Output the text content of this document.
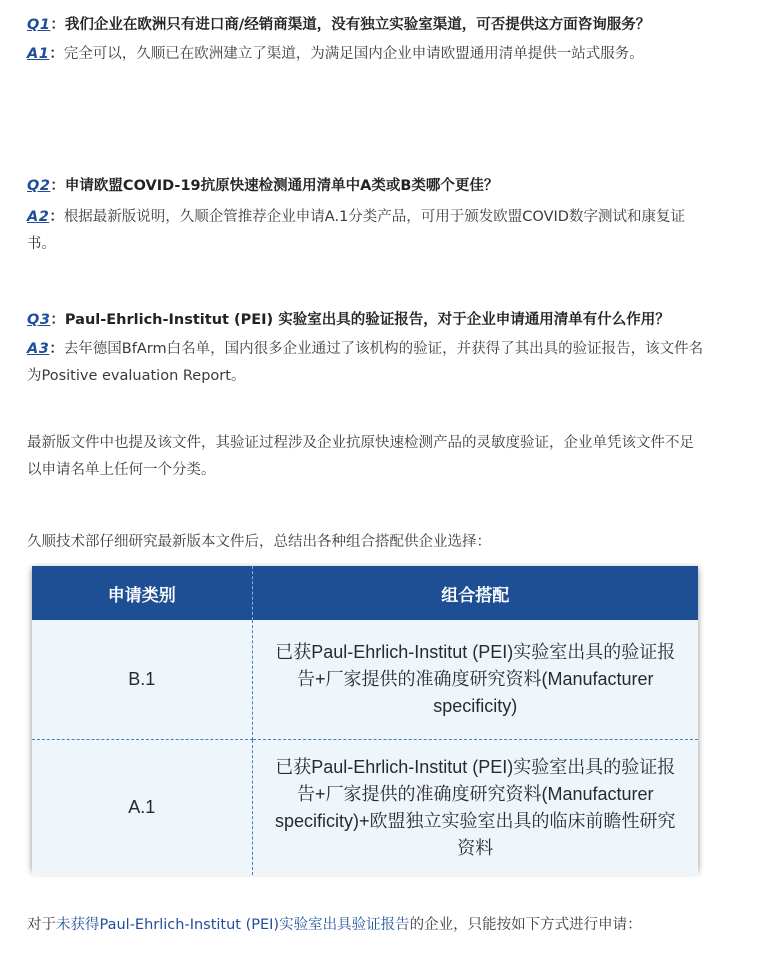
Q1：我们企业在欧洲只有进口商/经销商渠道，没有独立实验室渠道，可否提供这方面咨询服务？
A1：完全可以，久顺已在欧洲建立了渠道，为满足国内企业申请欧盟通用清单提供一站式服务。
Q2：申请欧盟COVID-19抗原快速检测通用清单中A类或B类哪个更佳？
A2：根据最新版说明，久顺企管推荐企业申请A.1分类产品，可用于颁发欧盟COVID数字测试和康复证书。
Q3：Paul-Ehrlich-Institut (PEI) 实验室出具的验证报告，对于企业申请通用清单有什么作用？
A3：去年德国BfArm白名单，国内很多企业通过了该机构的验证，并获得了其出具的验证报告，该文件名为Positive evaluation Report。
最新版文件中也提及该文件，其验证过程涉及企业抗原快速检测产品的灵敏度验证，企业单凭该文件不足以申请名单上任何一个分类。
久顺技术部仔细研究最新版本文件后，总结出各种组合搭配供企业选择：
申请类别	组合搭配
B.1	已获Paul-Ehrlich-Institut (PEI)实验室出具的验证报告+厂家提供的准确度研究资料(Manufacturer specificity)
A.1	已获Paul-Ehrlich-Institut (PEI)实验室出具的验证报告+厂家提供的准确度研究资料(Manufacturer specificity)+欧盟独立实验室出具的临床前瞻性研究资料
对于未获得Paul-Ehrlich-Institut (PEI)实验室出具验证报告的企业，只能按如下方式进行申请：
